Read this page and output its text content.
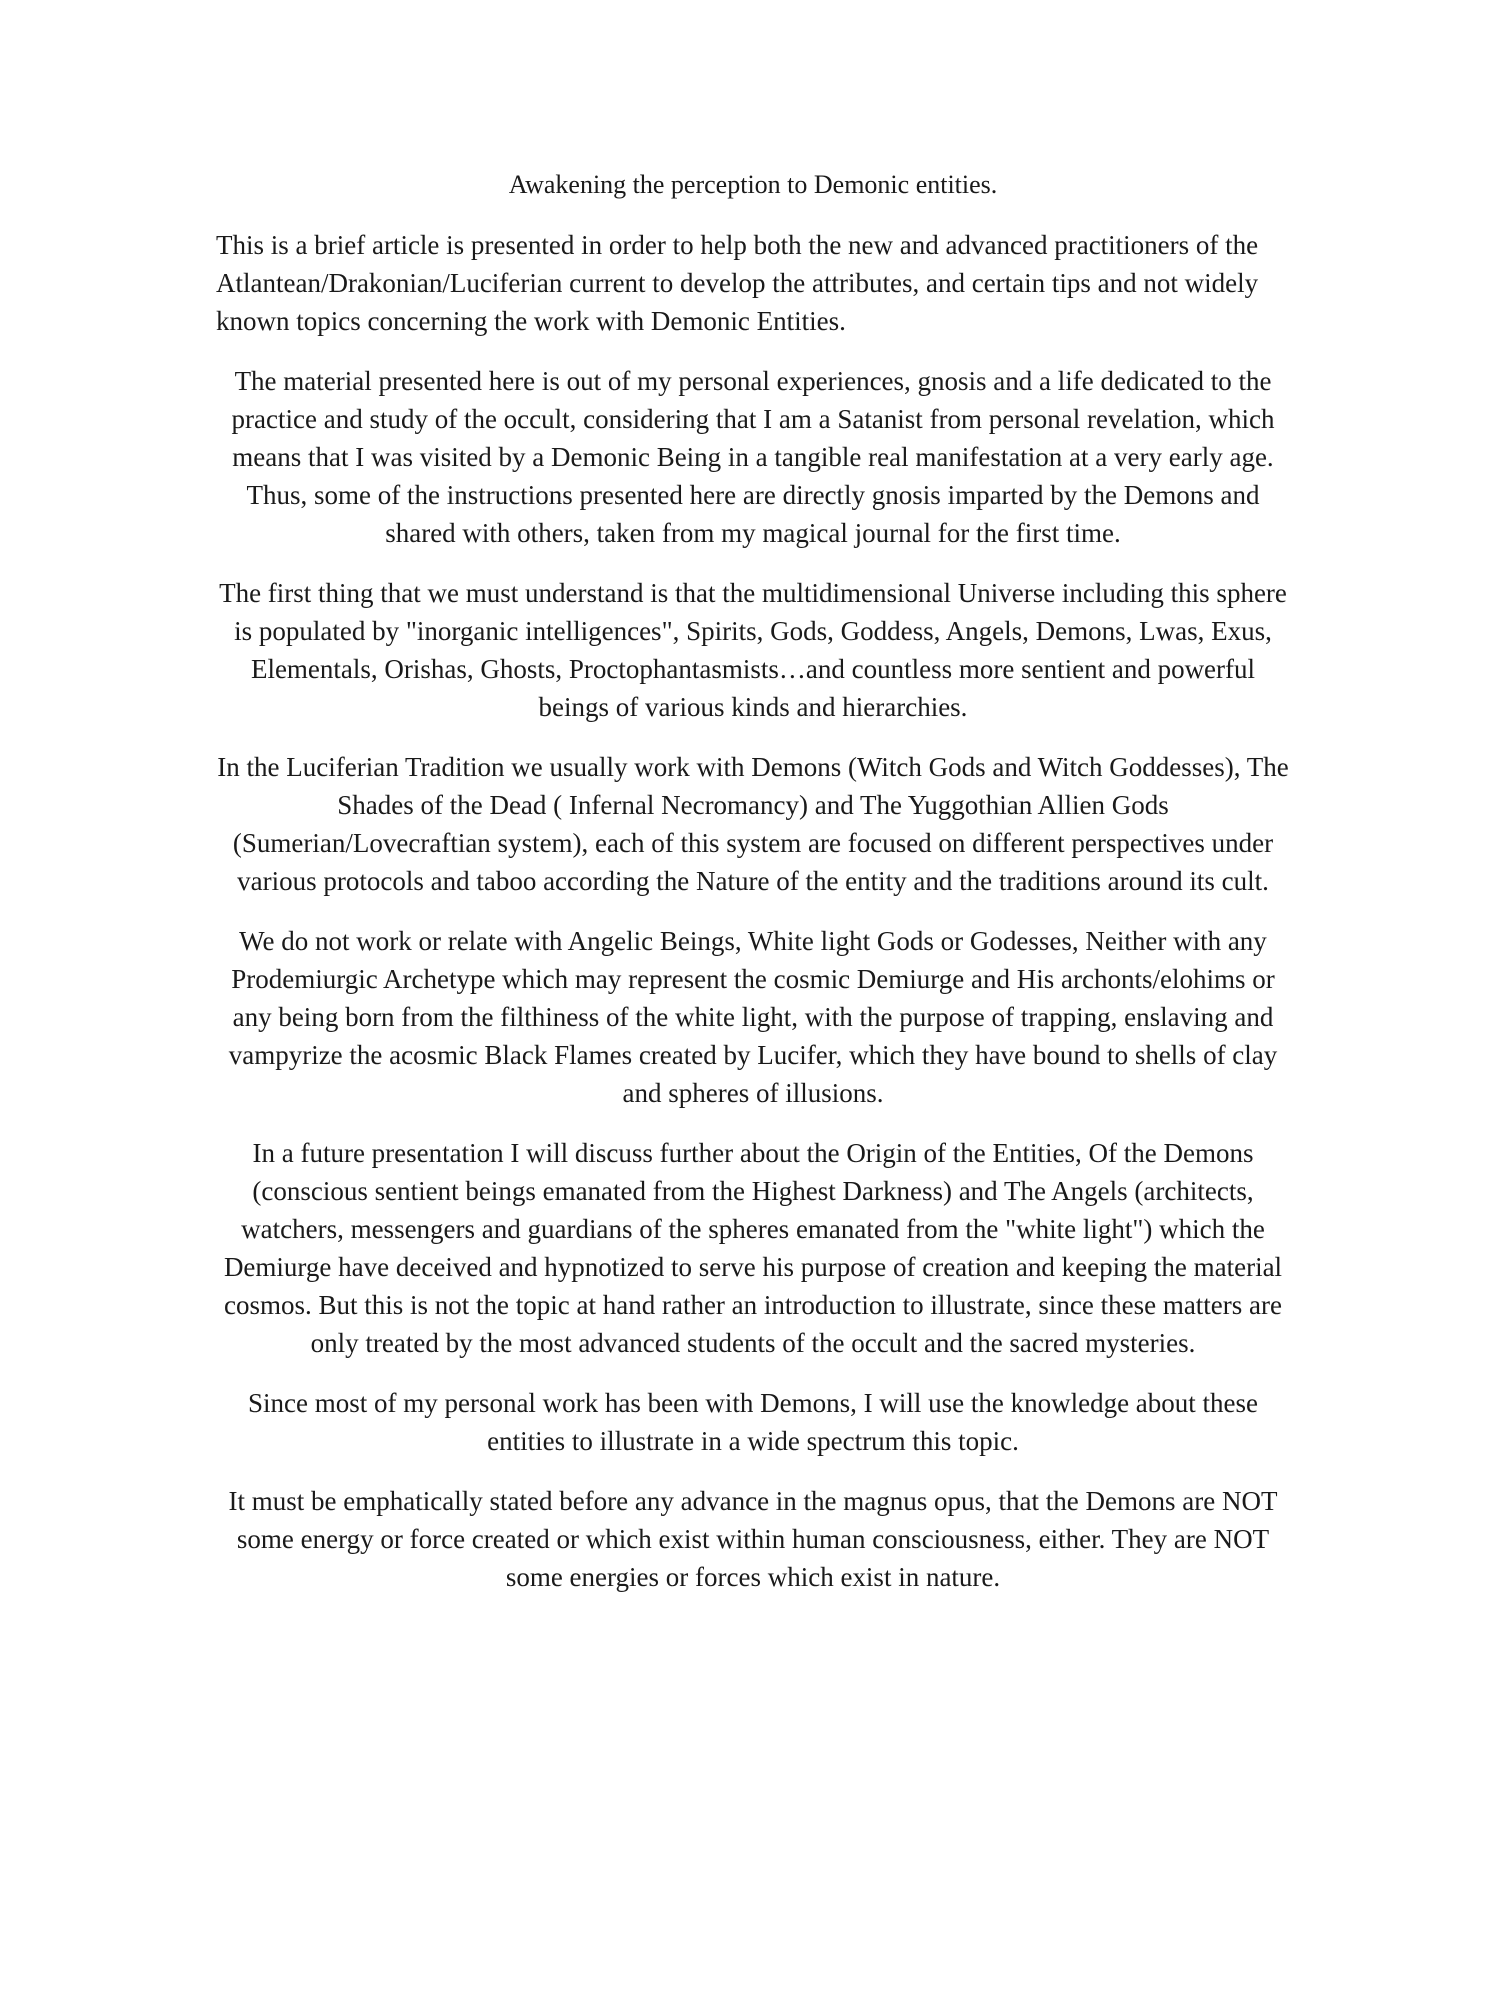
Awakening the perception to Demonic entities.

This is a brief article is presented in order to help both the new and advanced practitioners of the Atlantean/Drakonian/Luciferian current to develop the attributes, and certain tips and not widely known topics concerning the work with Demonic Entities.

The material presented here is out of my personal experiences, gnosis and a life dedicated to the practice and study of the occult, considering that I am a Satanist from personal revelation, which means that I was visited by a Demonic Being in a tangible real manifestation at a very early age. Thus, some of the instructions presented here are directly gnosis imparted by the Demons and shared with others, taken from my magical journal for the first time.

The first thing that we must understand is that the multidimensional Universe including this sphere is populated by "inorganic intelligences", Spirits, Gods, Goddess, Angels, Demons, Lwas, Exus, Elementals, Orishas, Ghosts, Proctophantasmists…and countless more sentient and powerful beings of various kinds and hierarchies.

In the Luciferian Tradition we usually work with Demons (Witch Gods and Witch Goddesses), The Shades of the Dead ( Infernal Necromancy) and The Yuggothian Allien Gods (Sumerian/Lovecraftian system), each of this system are focused on different perspectives under various protocols and taboo according the Nature of the entity and the traditions around its cult.

We do not work or relate with Angelic Beings, White light Gods or Godesses, Neither with any Prodemiurgic Archetype which may represent the cosmic Demiurge and His archonts/elohims or any being born from the filthiness of the white light, with the purpose of trapping, enslaving and vampyrize the acosmic Black Flames created by Lucifer, which they have bound to shells of clay and spheres of illusions.

In a future presentation I will discuss further about the Origin of the Entities, Of the Demons (conscious sentient beings emanated from the Highest Darkness) and The Angels (architects, watchers, messengers and guardians of the spheres emanated from the "white light") which the Demiurge have deceived and hypnotized to serve his purpose of creation and keeping the material cosmos. But this is not the topic at hand rather an introduction to illustrate, since these matters are only treated by the most advanced students of the occult and the sacred mysteries.

Since most of my personal work has been with Demons, I will use the knowledge about these entities to illustrate in a wide spectrum this topic.

It must be emphatically stated before any advance in the magnus opus, that the Demons are NOT some energy or force created or which exist within human consciousness, either. They are NOT some energies or forces which exist in nature.
